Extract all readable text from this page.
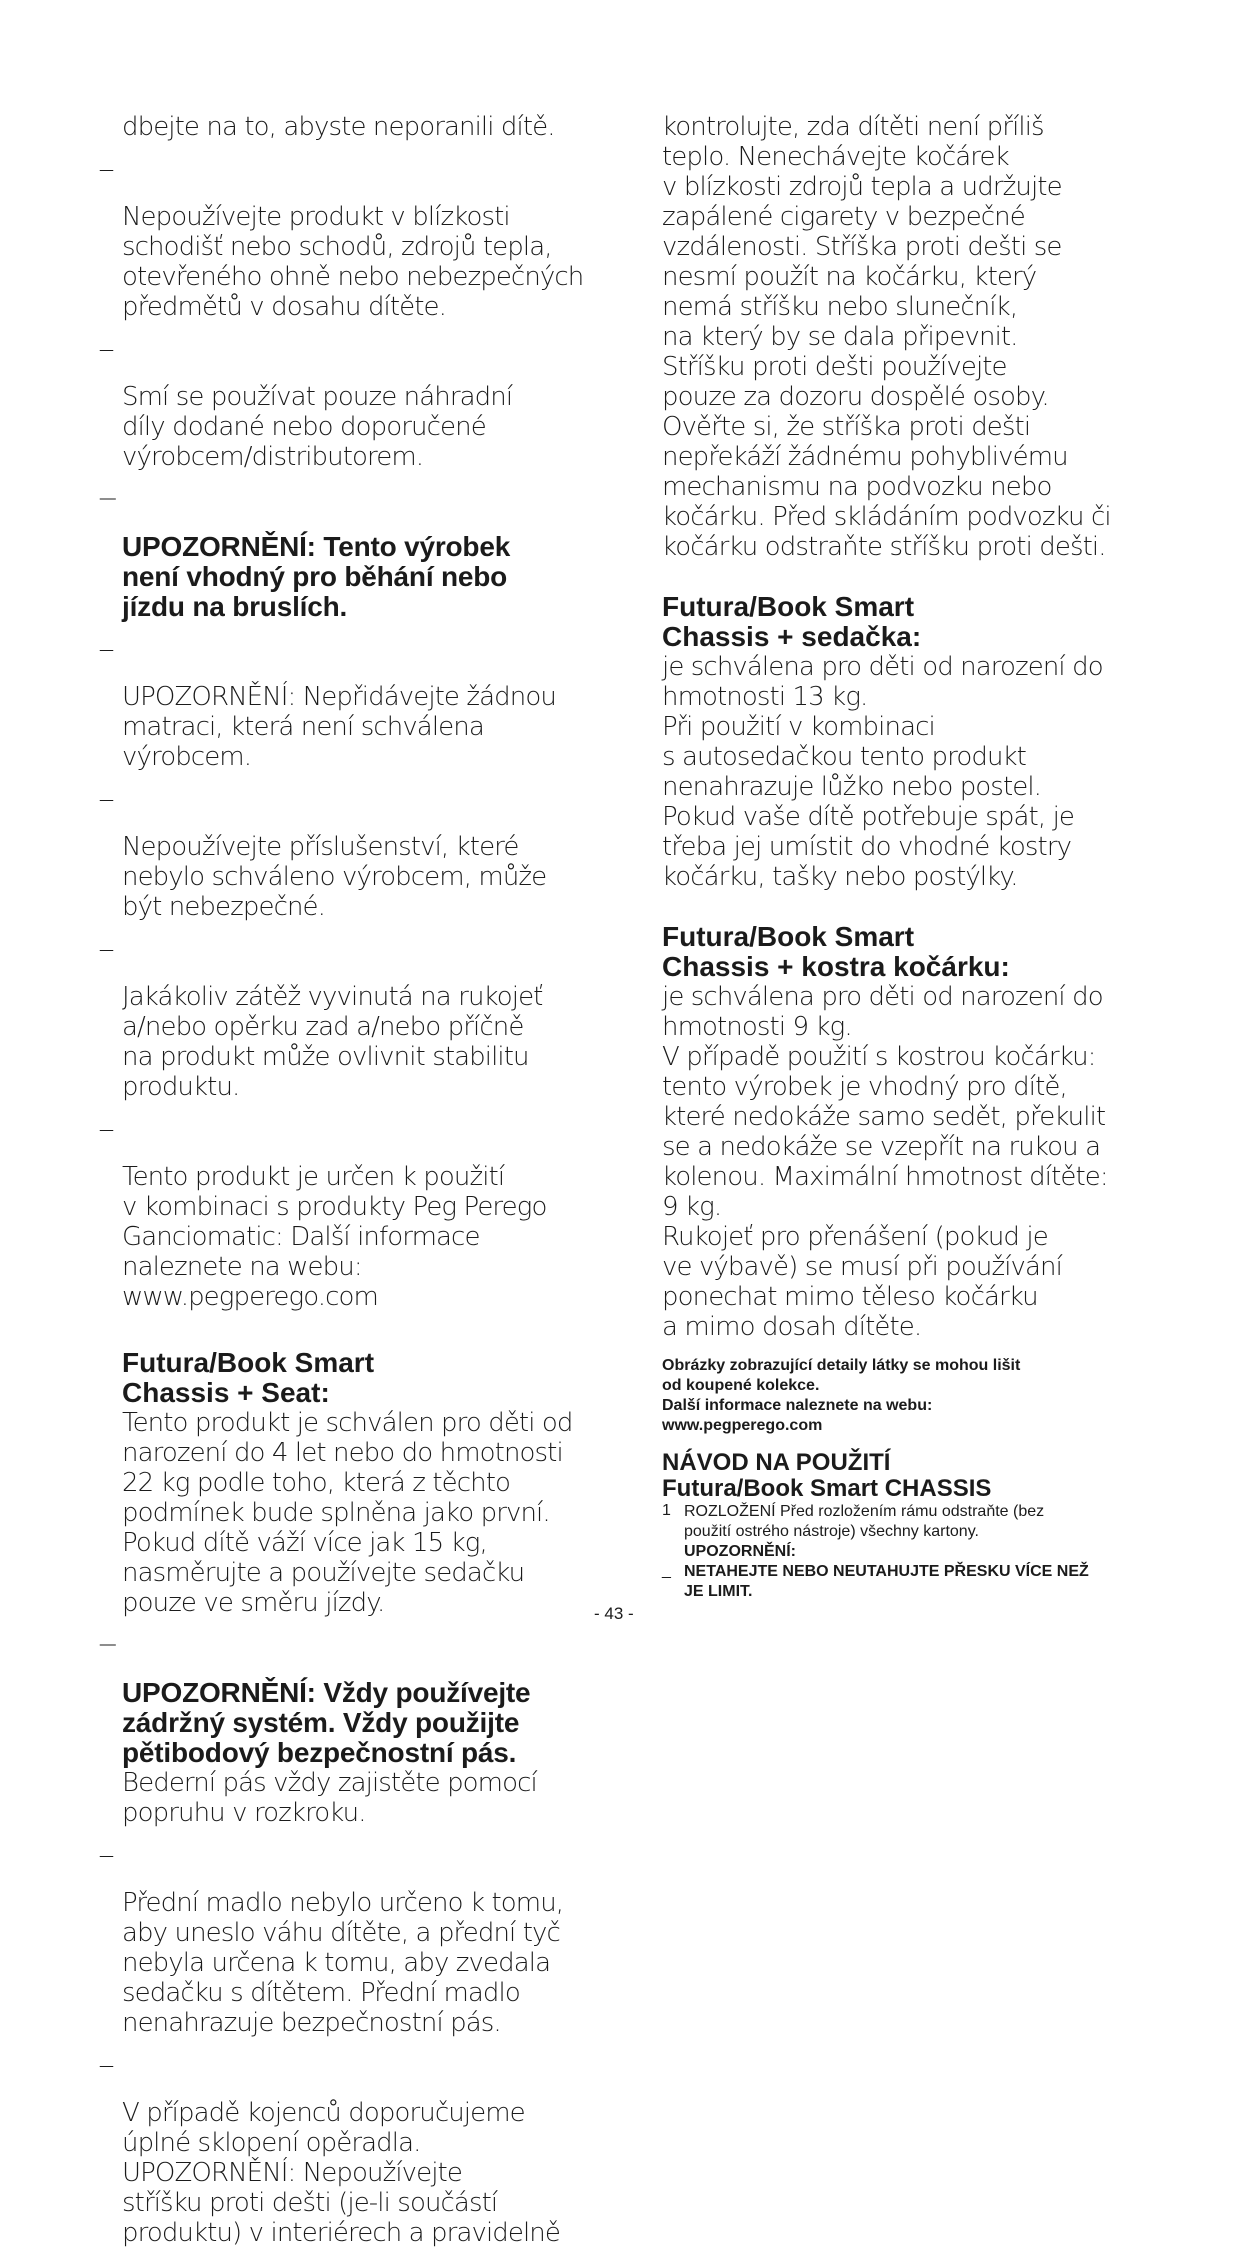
dbejte na to, abyste neporanili dítě.

_

Nepoužívejte produkt v blízkosti
schodišť nebo schodů, zdrojů tepla,
otevřeného ohně nebo nebezpečných
předmětů v dosahu dítěte.

_

Smí se používat pouze náhradní
díly dodané nebo doporučené
výrobcem/distributorem.

_

UPOZORNĚNÍ: Tento výrobek
není vhodný pro běhání nebo
jízdu na bruslích.

_

UPOZORNĚNÍ: Nepřidávejte žádnou
matraci, která není schválena
výrobcem.

_

Nepoužívejte příslušenství, které
nebylo schváleno výrobcem, může
být nebezpečné.

_

Jakákoliv zátěž vyvinutá na rukojeť
a/nebo opěrku zad a/nebo příčně
na produkt může ovlivnit stabilitu
produktu.

_

Tento produkt je určen k použití
v kombinaci s produkty Peg Perego
Ganciomatic: Další informace
naleznete na webu:
www.pegperego.com

Futura/Book Smart
Chassis + Seat:

Tento produkt je schválen pro děti od
narození do 4 let nebo do hmotnosti
22 kg podle toho, která z těchto
podmínek bude splněna jako první.

Pokud dítě váží více jak 15 kg,
nasměrujte a používejte sedačku
pouze ve směru jízdy.

_

UPOZORNĚNÍ: Vždy používejte
zádržný systém. Vždy použijte
pětibodový bezpečnostní pás.

Bederní pás vždy zajistěte pomocí
popruhu v rozkroku.

_

Přední madlo nebylo určeno k tomu,
aby uneslo váhu dítěte, a přední tyč
nebyla určena k tomu, aby zvedala
sedačku s dítětem. Přední madlo
nenahrazuje bezpečnostní pás.

_

V případě kojenců doporučujeme
úplné sklopení opěradla.

UPOZORNĚNÍ: Nepoužívejte
stříšku proti dešti (je-li součástí
produktu) v interiérech a pravidelně

kontrolujte, zda dítěti není příliš
teplo. Nenechávejte kočárek
v blízkosti zdrojů tepla a udržujte
zapálené cigarety v bezpečné
vzdálenosti. Stříška proti dešti se
nesmí použít na kočárku, který
nemá stříšku nebo slunečník,
na který by se dala připevnit.
Stříšku proti dešti používejte
pouze za dozoru dospělé osoby.
Ověřte si, že stříška proti dešti
nepřekáží žádnému pohyblivému
mechanismu na podvozku nebo
kočárku. Před skládáním podvozku či
kočárku odstraňte stříšku proti dešti.

Futura/Book Smart
Chassis + sedačka:

je schválena pro děti od narození do
hmotnosti 13 kg.

Při použití v kombinaci
s autosedačkou tento produkt
nenahrazuje lůžko nebo postel.
Pokud vaše dítě potřebuje spát, je
třeba jej umístit do vhodné kostry
kočárku, tašky nebo postýlky.

Futura/Book Smart
Chassis + kostra kočárku:

je schválena pro děti od narození do
hmotnosti 9 kg.

V případě použití s kostrou kočárku:
tento výrobek je vhodný pro dítě,
které nedokáže samo sedět, překulit
se a nedokáže se vzepřít na rukou a
kolenou. Maximální hmotnost dítěte:
9 kg.

Rukojeť pro přenášení (pokud je
ve výbavě) se musí při používání
ponechat mimo těleso kočárku
a mimo dosah dítěte.

Obrázky zobrazující detaily látky se mohou lišit
od koupené kolekce.

Další informace naleznete na webu:
www.pegperego.com

NÁVOD NA POUŽITÍ

Futura/Book Smart CHASSIS

1 ROZLOŽENÍ Před rozložením rámu odstraňte (bez
použití ostrého nástroje) všechny kartony.

UPOZORNĚNÍ:

_ NETAHEJTE NEBO NEUTAHUJTE PŘESKU VÍCE NEŽ
JE LIMIT.

- 43 -
